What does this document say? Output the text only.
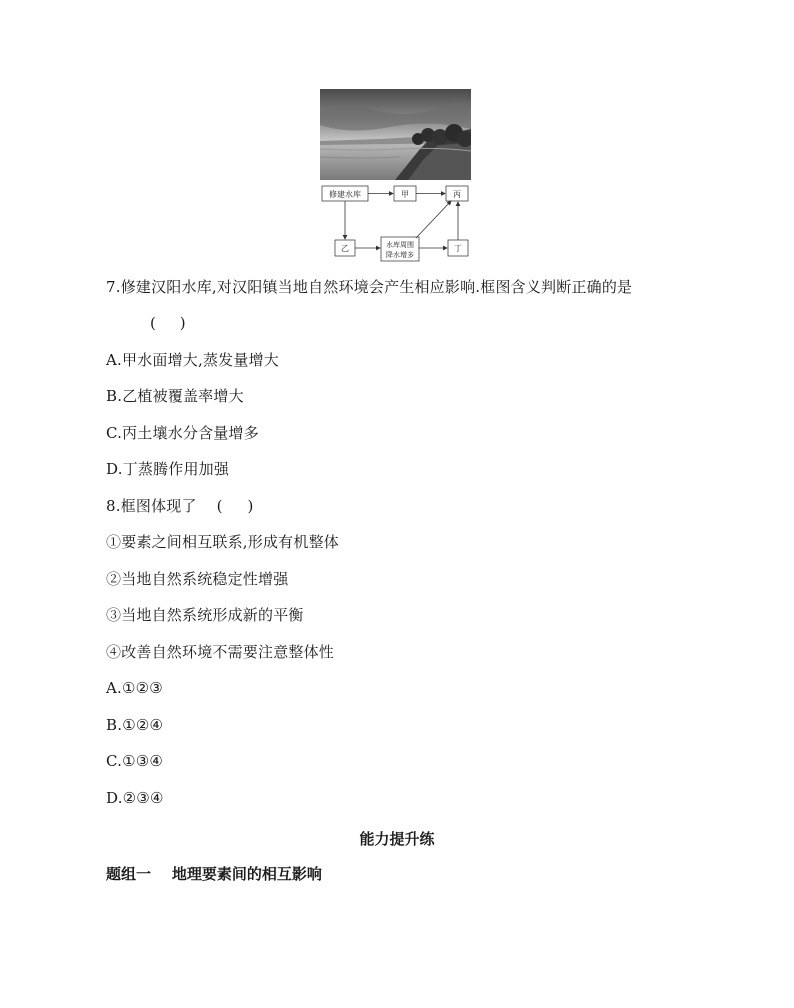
修建水库	甲	丙
乙	水库周围
降水增多
丁
7.修建汉阳水库,对汉阳镇当地自然环境会产生相应影响.框图含义判断正确的是
(     )
A.甲水面增大,蒸发量增大
B.乙植被覆盖率增大
C.丙土壤水分含量增多
D.丁蒸腾作用加强
8.框图体现了    (     )
①要素之间相互联系,形成有机整体
②当地自然系统稳定性增强
③当地自然系统形成新的平衡
④改善自然环境不需要注意整体性
A.①②③
B.①②④
C.①③④
D.②③④
能力提升练
题组一    地理要素间的相互影响
